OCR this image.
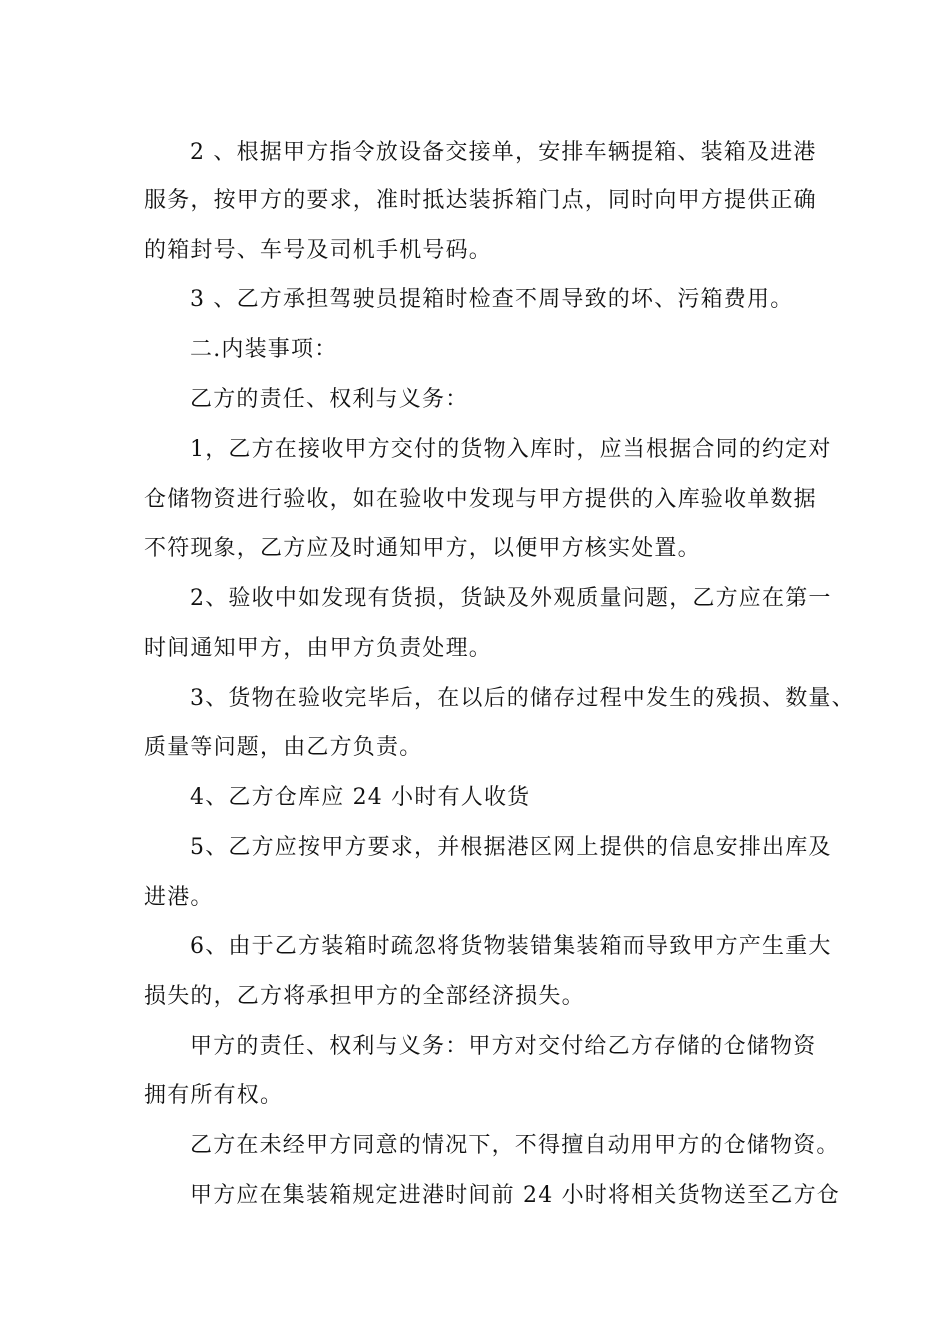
2 、根据甲方指令放设备交接单，安排车辆提箱、装箱及进港
服务，按甲方的要求，准时抵达装拆箱门点，同时向甲方提供正确
的箱封号、车号及司机手机号码。
3 、乙方承担驾驶员提箱时检查不周导致的坏、污箱费用。
二.内装事项：
乙方的责任、权利与义务：
1，乙方在接收甲方交付的货物入库时，应当根据合同的约定对
仓储物资进行验收，如在验收中发现与甲方提供的入库验收单数据
不符现象，乙方应及时通知甲方，以便甲方核实处置。
2、验收中如发现有货损，货缺及外观质量问题，乙方应在第一
时间通知甲方，由甲方负责处理。
3、货物在验收完毕后，在以后的储存过程中发生的残损、数量、
质量等问题，由乙方负责。
4、乙方仓库应 24 小时有人收货
5、乙方应按甲方要求，并根据港区网上提供的信息安排出库及
进港。
6、由于乙方装箱时疏忽将货物装错集装箱而导致甲方产生重大
损失的，乙方将承担甲方的全部经济损失。
甲方的责任、权利与义务：甲方对交付给乙方存储的仓储物资
拥有所有权。
乙方在未经甲方同意的情况下，不得擅自动用甲方的仓储物资。
甲方应在集装箱规定进港时间前 24 小时将相关货物送至乙方仓
